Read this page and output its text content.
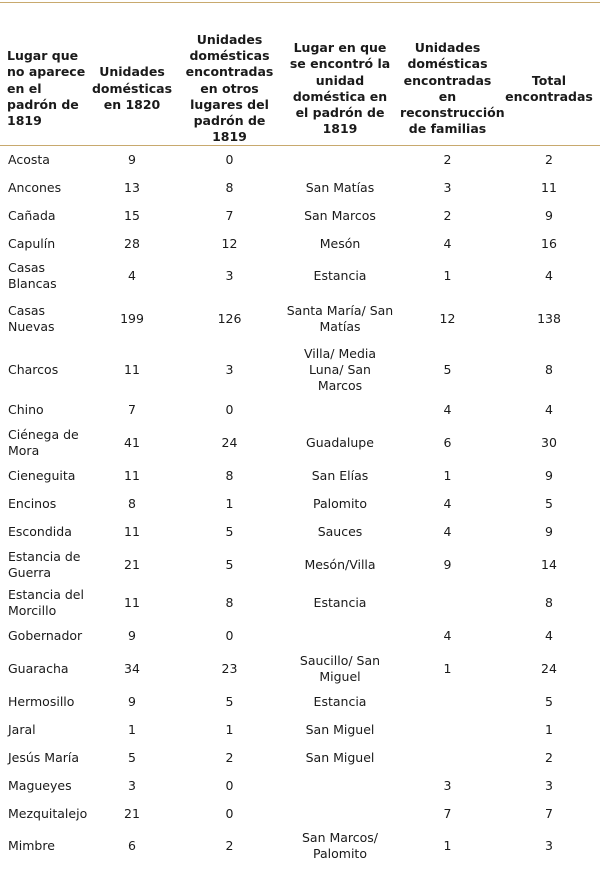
Lugar que no aparece en el padrón de 1819	Unidades domésticas en 1820	Unidades domésticas encontradas en otros lugares del padrón de 1819	Lugar en que se encontró la unidad doméstica en el padrón de 1819	Unidades domésticas encontradas en reconstrucción de familias	Total encontradas
Acosta	9	0		2	2
Ancones	13	8	San Matías	3	11
Cañada	15	7	San Marcos	2	9
Capulín	28	12	Mesón	4	16
Casas Blancas	4	3	Estancia	1	4
Casas Nuevas	199	126	Santa María/ San Matías	12	138
Charcos	11	3	Villa/ Media Luna/ San Marcos	5	8
Chino	7	0		4	4
Ciénega de Mora	41	24	Guadalupe	6	30
Cieneguita	11	8	San Elías	1	9
Encinos	8	1	Palomito	4	5
Escondida	11	5	Sauces	4	9
Estancia de Guerra	21	5	Mesón/Villa	9	14
Estancia del Morcillo	11	8	Estancia		8
Gobernador	9	0		4	4
Guaracha	34	23	Saucillo/ San Miguel	1	24
Hermosillo	9	5	Estancia		5
Jaral	1	1	San Miguel		1
Jesús María	5	2	San Miguel		2
Magueyes	3	0		3	3
Mezquitalejo	21	0		7	7
Mimbre	6	2	San Marcos/ Palomito	1	3
